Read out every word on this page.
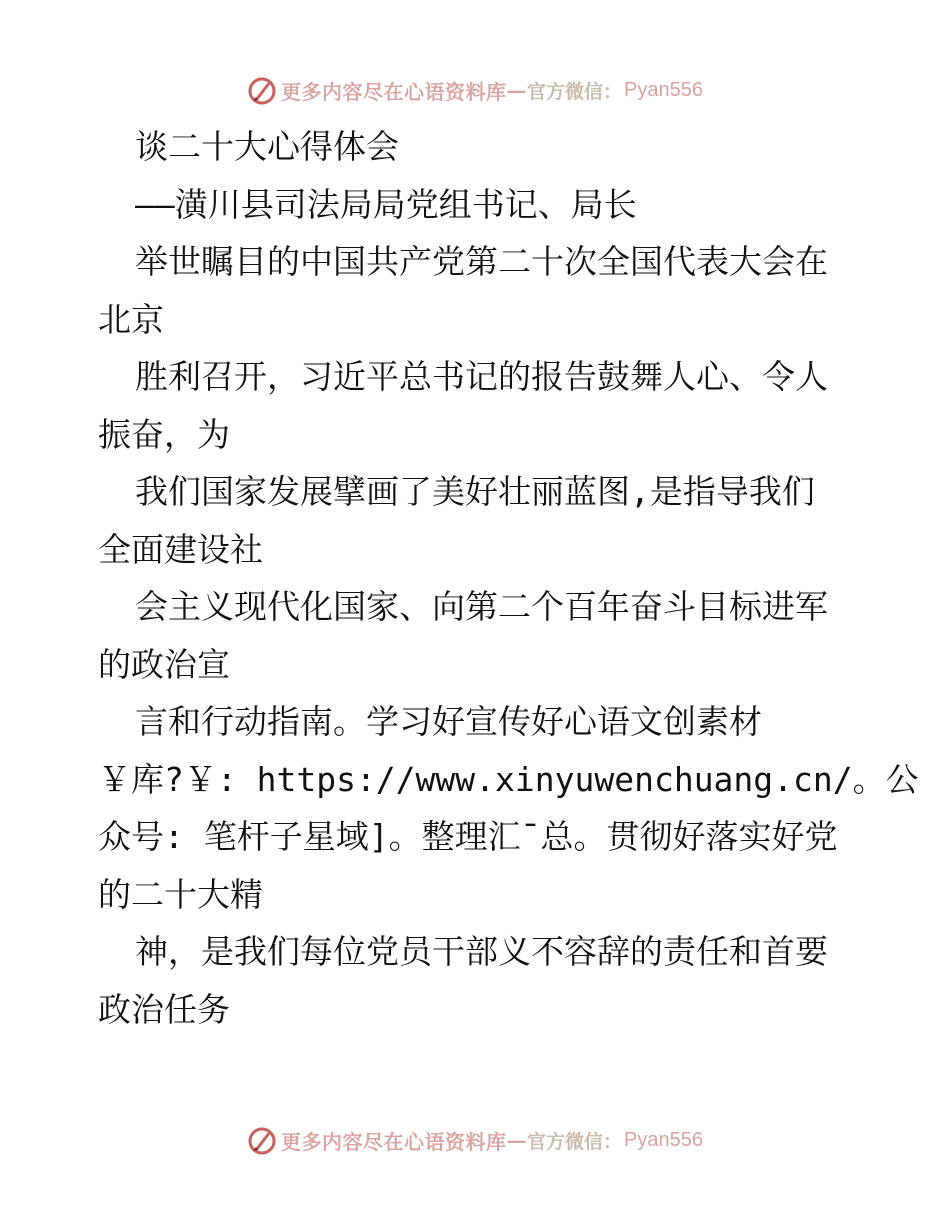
更多内容尽在心语资料库 — 官方微信： Pyan556
谈二十大心得体会
——潢川县司法局局党组书记、局长
举世瞩目的中国共产党第二十次全国代表大会在
北京
胜利召开，习近平总书记的报告鼓舞人心、令人
振奋，为
我们国家发展擘画了美好壮丽蓝图,是指导我们
全面建设社
会主义现代化国家、向第二个百年奋斗目标进军
的政治宣
言和行动指南。学习好宣传好心语文创素材
￥库?￥: https://www.xinyuwenchuang.cn/。公
众号: 笔杆子星域]。整理汇¯总。贯彻好落实好党
的二十大精
神，是我们每位党员干部义不容辞的责任和首要
政治任务
更多内容尽在心语资料库 — 官方微信： Pyan556
